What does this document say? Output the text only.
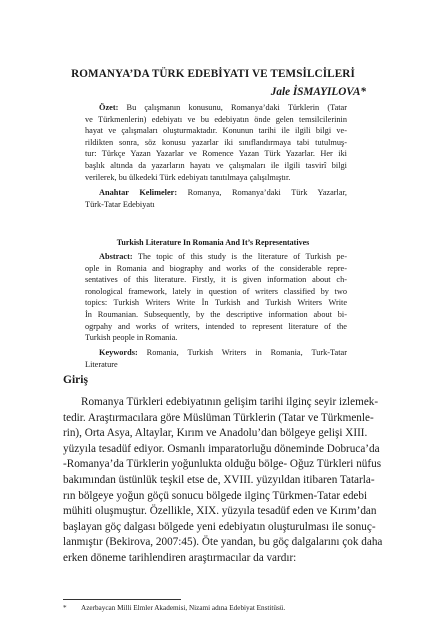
ROMANYA’DA TÜRK EDEBİYATI VE TEMSİLCİLERİ
Jale İSMAYILOVA*
Özet: Bu çalışmanın konusunu, Romanya’daki Türklerin (Tatar
ve Türkmenlerin) edebiyatı ve bu edebiyatın önde gelen temsilcilerinin
hayat ve çalışmaları oluşturmaktadır. Konunun tarihi ile ilgili bilgi ve-
rildikten sonra, söz konusu yazarlar iki sınıflandırmaya tabi tutulmuş-
tur: Türkçe Yazan Yazarlar ve Romence Yazan Türk Yazarlar. Her iki
başlık altında da yazarların hayatı ve çalışmaları ile ilgili tasvirî bilgi
verilerek, bu ülkedeki Türk edebiyatı tanıtılmaya çalışılmıştır.
Anahtar Kelimeler: Romanya, Romanya’daki Türk Yazarlar,
Türk-Tatar Edebiyatı
Turkish Literature In Romania And It’s Representatives
Abstract: The topic of this study is the literature of Turkish pe-
ople in Romania and biography and works of the considerable repre-
sentatives of this literature. Firstly, it is given information about ch-
ronological framework, lately in question of writers classified by two
topics: Turkish Writers Write İn Turkish and Turkish Writers Write
İn Roumanian. Subsequently, by the descriptive information about bi-
ogrpahy and works of writers, intended to represent literature of the
Turkish people in Romania.
Keywords: Romania, Turkish Writers in Romania, Turk-Tatar
Literature
Giriş
Romanya Türkleri edebiyatının gelişim tarihi ilginç seyir izlemek-
tedir. Araştırmacılara göre Müslüman Türklerin (Tatar ve Türkmenle-
rin), Orta Asya, Altaylar, Kırım ve Anadolu’dan bölgeye gelişi XIII.
yüzyıla tesadüf ediyor. Osmanlı imparatorluğu döneminde Dobruca’da
-Romanya’da Türklerin yoğunlukta olduğu bölge- Oğuz Türkleri nüfus
bakımından üstünlük teşkil etse de, XVIII. yüzyıldan itibaren Tatarla-
rın bölgeye yoğun göçü sonucu bölgede ilginç Türkmen-Tatar edebi
mühiti oluşmuştur. Özellikle, XIX. yüzyıla tesadüf eden ve Kırım’dan
başlayan göç dalgası bölgede yeni edebiyatın oluşturulması ile sonuç-
lanmıştır (Bekirova, 2007:45). Öte yandan, bu göç dalgalarını çok daha
erken döneme tarihlendiren araştırmacılar da vardır:
* Azerbaycan Milli Elmler Akademisi, Nizami adına Edebiyat Enstitüsü.
